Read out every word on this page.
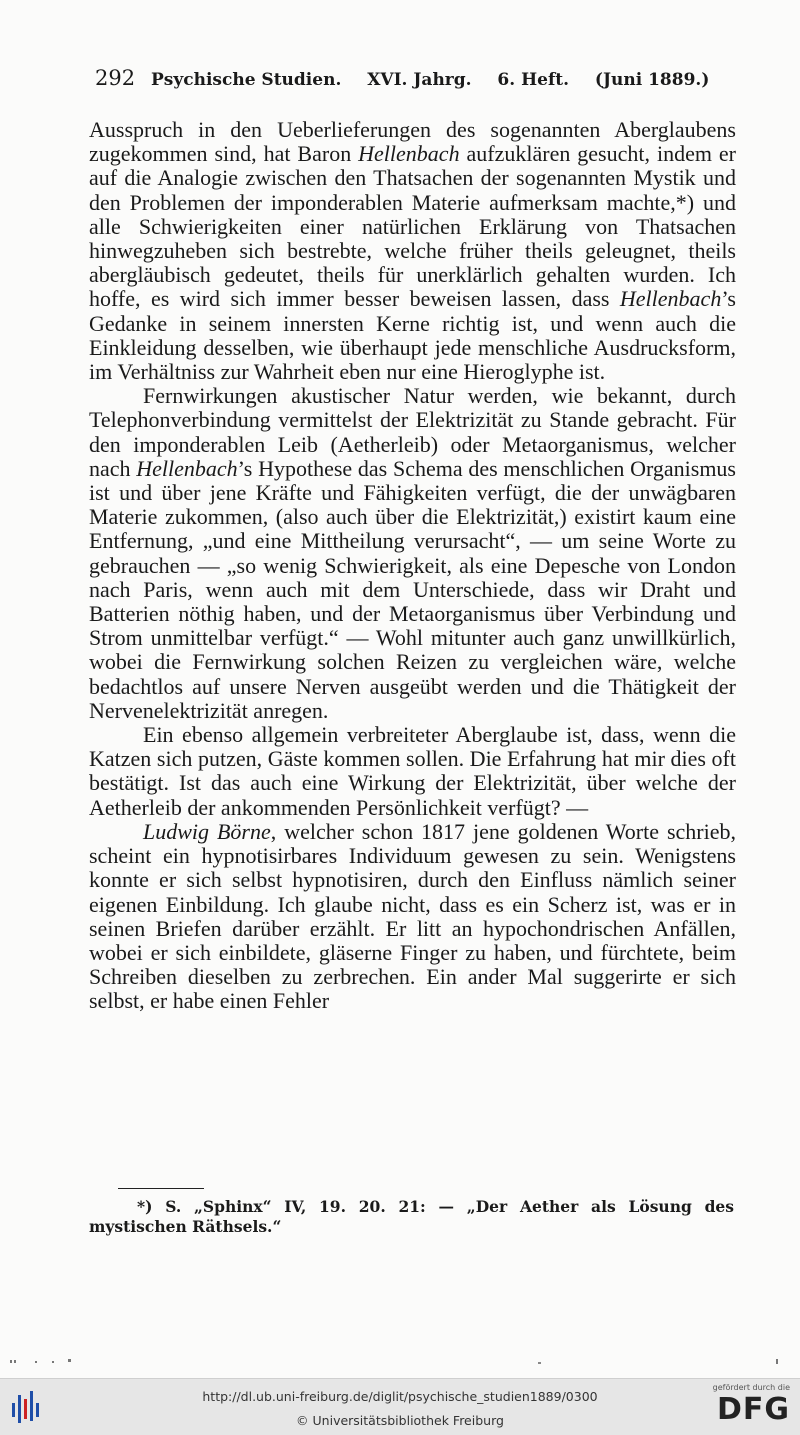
292 Psychische Studien. XVI. Jahrg. 6. Heft. (Juni 1889.)

Ausspruch in den Ueberlieferungen des sogenannten Aberglaubens zugekommen sind, hat Baron Hellenbach aufzuklären gesucht, indem er auf die Analogie zwischen den Thatsachen der sogenannten Mystik und den Problemen der imponderablen Materie aufmerksam machte,*) und alle Schwierigkeiten einer natürlichen Erklärung von Thatsachen hinwegzuheben sich bestrebte, welche früher theils geleugnet, theils abergläubisch gedeutet, theils für unerklärlich gehalten wurden. Ich hoffe, es wird sich immer besser beweisen lassen, dass Hellenbach’s Gedanke in seinem innersten Kerne richtig ist, und wenn auch die Einkleidung desselben, wie überhaupt jede menschliche Ausdrucksform, im Verhältniss zur Wahrheit eben nur eine Hieroglyphe ist.

Fernwirkungen akustischer Natur werden, wie bekannt, durch Telephonverbindung vermittelst der Elektrizität zu Stande gebracht. Für den imponderablen Leib (Aetherleib) oder Metaorganismus, welcher nach Hellenbach’s Hypothese das Schema des menschlichen Organismus ist und über jene Kräfte und Fähigkeiten verfügt, die der unwägbaren Materie zukommen, (also auch über die Elektrizität,) existirt kaum eine Entfernung, „und eine Mittheilung verursacht“, — um seine Worte zu gebrauchen — „so wenig Schwierigkeit, als eine Depesche von London nach Paris, wenn auch mit dem Unterschiede, dass wir Draht und Batterien nöthig haben, und der Metaorganismus über Verbindung und Strom unmittelbar verfügt.“ — Wohl mitunter auch ganz unwillkürlich, wobei die Fernwirkung solchen Reizen zu vergleichen wäre, welche bedachtlos auf unsere Nerven ausgeübt werden und die Thätigkeit der Nervenelektrizität anregen.

Ein ebenso allgemein verbreiteter Aberglaube ist, dass, wenn die Katzen sich putzen, Gäste kommen sollen. Die Erfahrung hat mir dies oft bestätigt. Ist das auch eine Wirkung der Elektrizität, über welche der Aetherleib der ankommenden Persönlichkeit verfügt? —

Ludwig Börne, welcher schon 1817 jene goldenen Worte schrieb, scheint ein hypnotisirbares Individuum gewesen zu sein. Wenigstens konnte er sich selbst hypnotisiren, durch den Einfluss nämlich seiner eigenen Einbildung. Ich glaube nicht, dass es ein Scherz ist, was er in seinen Briefen darüber erzählt. Er litt an hypochondrischen Anfällen, wobei er sich einbildete, gläserne Finger zu haben, und fürchtete, beim Schreiben dieselben zu zerbrechen. Ein ander Mal suggerirte er sich selbst, er habe einen Fehler

*) S. „Sphinx“ IV, 19. 20. 21: — „Der Aether als Lösung des mystischen Räthsels.“
http://dl.ub.uni-freiburg.de/diglit/psychische_studien1889/0300
© Universitätsbibliothek Freiburg
gefördert durch die
DFG
